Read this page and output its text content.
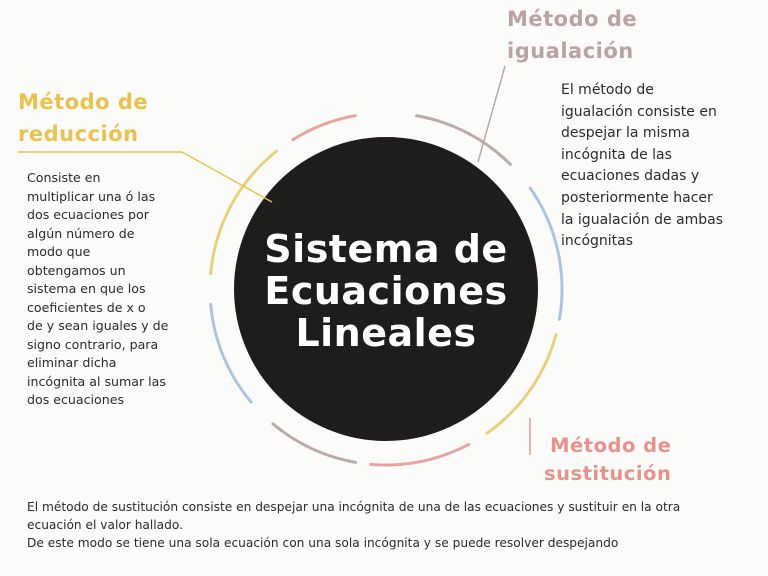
Sistema de
Ecuaciones
Lineales
Método de
reducción
Consiste en
multiplicar una ó las
dos ecuaciones por
algún número de
modo que
obtengamos un
sistema en que los
coeficientes de x o
de y sean iguales y de
signo contrario, para
eliminar dicha
incógnita al sumar las
dos ecuaciones
Método de
igualación
El método de
igualación consiste en
despejar la misma
incógnita de las
ecuaciones dadas y
posteriormente hacer
la igualación de ambas
incógnitas
Método de
sustitución
El método de sustitución consiste en despejar una incógnita de una de las ecuaciones y sustituir en la otra
ecuación el valor hallado.
De este modo se tiene una sola ecuación con una sola incógnita y se puede resolver despejando
